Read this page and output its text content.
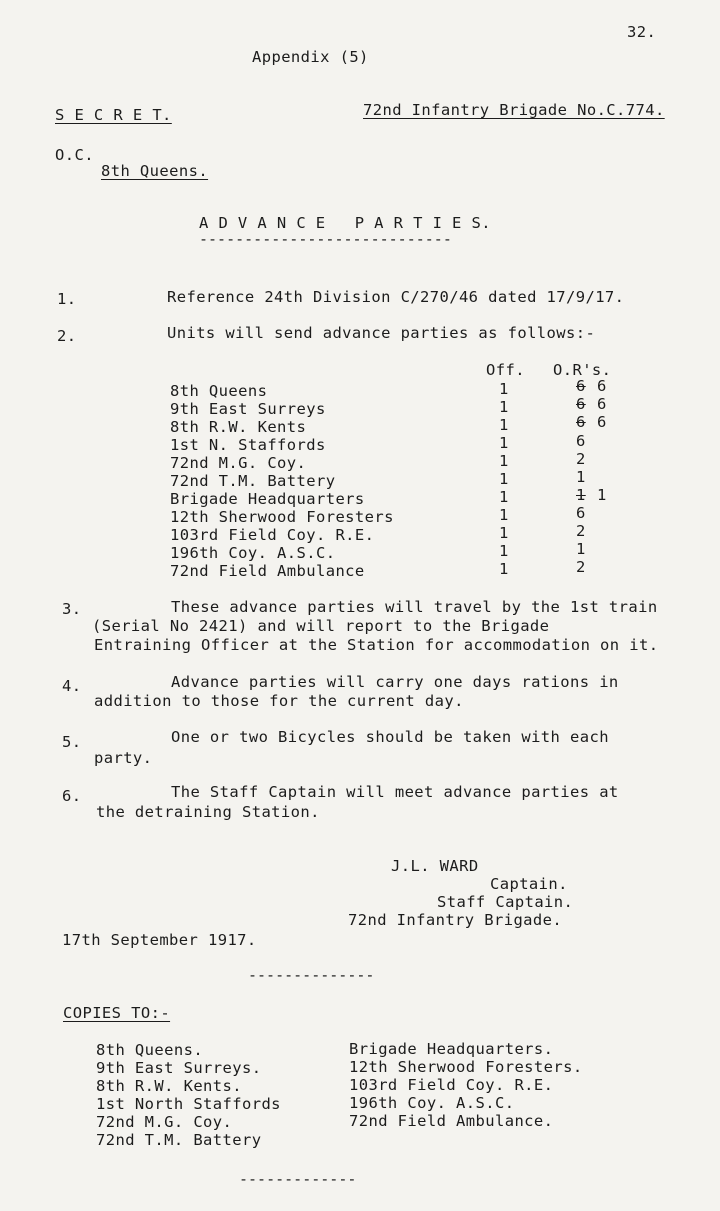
32.
Appendix (5)
S E C R E T.	72nd Infantry Brigade No.C.774.
O.C.
8th Queens.
A D V A N C E   P A R T I E S.
----------------------------
1.	Reference 24th Division C/270/46 dated 17/9/17.
2.	Units will send advance parties as follows:-
Off. O.R's.
8th Queens	1	6 6
9th East Surreys	1	6 6
8th R.W. Kents	1	6 6
1st N. Staffords	1	6
72nd M.G. Coy.	1	2
72nd T.M. Battery	1	1
Brigade Headquarters	1	1 1
12th Sherwood Foresters	1	6
103rd Field Coy. R.E.	1	2
196th Coy. A.S.C.	1	1
72nd Field Ambulance	1	2
3.	These advance parties will travel by the 1st train
(Serial No 2421) and will report to the Brigade
Entraining Officer at the Station for accommodation on it.
4.	Advance parties will carry one days rations in
addition to those for the current day.
5.	One or two Bicycles should be taken with each
party.
6.	The Staff Captain will meet advance parties at
the detraining Station.
J.L. WARD
Captain.
Staff Captain.
72nd Infantry Brigade.
17th September 1917.
--------------
COPIES TO:-
8th Queens.
9th East Surreys.
8th R.W. Kents.
1st North Staffords
72nd M.G. Coy.
72nd T.M. Battery
Brigade Headquarters.
12th Sherwood Foresters.
103rd Field Coy. R.E.
196th Coy. A.S.C.
72nd Field Ambulance.
-------------
